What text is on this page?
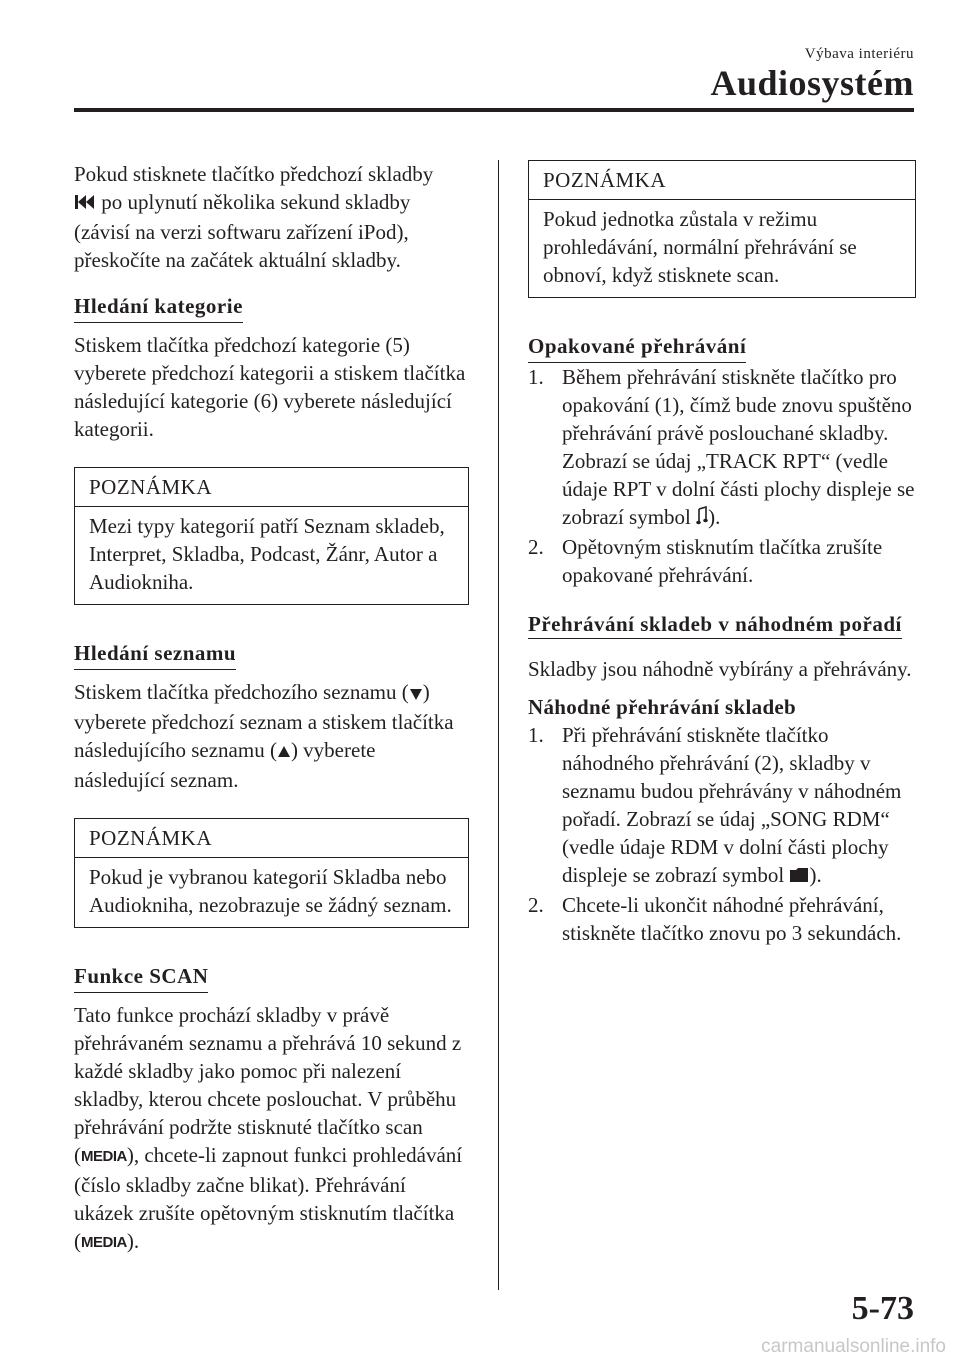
Výbava interiéru
Audiosystém

Pokud stisknete tlačítko předchozí skladby
po uplynutí několika sekund skladby (závisí na verzi softwaru zařízení iPod), přeskočíte na začátek aktuální skladby.

Hledání kategorie

Stiskem tlačítka předchozí kategorie (5) vyberete předchozí kategorii a stiskem tlačítka následující kategorie (6) vyberete následující kategorii.

POZNÁMKA
Mezi typy kategorií patří Seznam skladeb, Interpret, Skladba, Podcast, Žánr, Autor a Audiokniha.
Hledání seznamu

Stiskem tlačítka předchozího seznamu ( ) vyberete předchozí seznam a stiskem tlačítka následujícího seznamu ( ) vyberete následující seznam.

POZNÁMKA
Pokud je vybranou kategorií Skladba nebo Audiokniha, nezobrazuje se žádný seznam.
Funkce SCAN

Tato funkce prochází skladby v právě přehrávaném seznamu a přehrává 10 sekund z každé skladby jako pomoc při nalezení skladby, kterou chcete poslouchat. V průběhu přehrávání podržte stisknuté tlačítko scan (MEDIA), chcete-li zapnout funkci prohledávání (číslo skladby začne blikat). Přehrávání ukázek zrušíte opětovným stisknutím tlačítka (MEDIA).

POZNÁMKA
Pokud jednotka zůstala v režimu prohledávání, normální přehrávání se obnoví, když stisknete scan.
Opakované přehrávání
1. Během přehrávání stiskněte tlačítko pro opakování (1), čímž bude znovu spuštěno přehrávání právě poslouchané skladby. Zobrazí se údaj „TRACK RPT“ (vedle údaje RPT v dolní části plochy displeje se zobrazí symbol ).
2. Opětovným stisknutím tlačítka zrušíte opakované přehrávání.
Přehrávání skladeb v náhodném pořadí

Skladby jsou náhodně vybírány a přehrávány.

Náhodné přehrávání skladeb

1. Při přehrávání stiskněte tlačítko náhodného přehrávání (2), skladby v seznamu budou přehrávány v náhodném pořadí. Zobrazí se údaj „SONG RDM“ (vedle údaje RDM v dolní části plochy displeje se zobrazí symbol ).
2. Chcete-li ukončit náhodné přehrávání, stiskněte tlačítko znovu po 3 sekundách.
5-73
carmanualsonline.info
